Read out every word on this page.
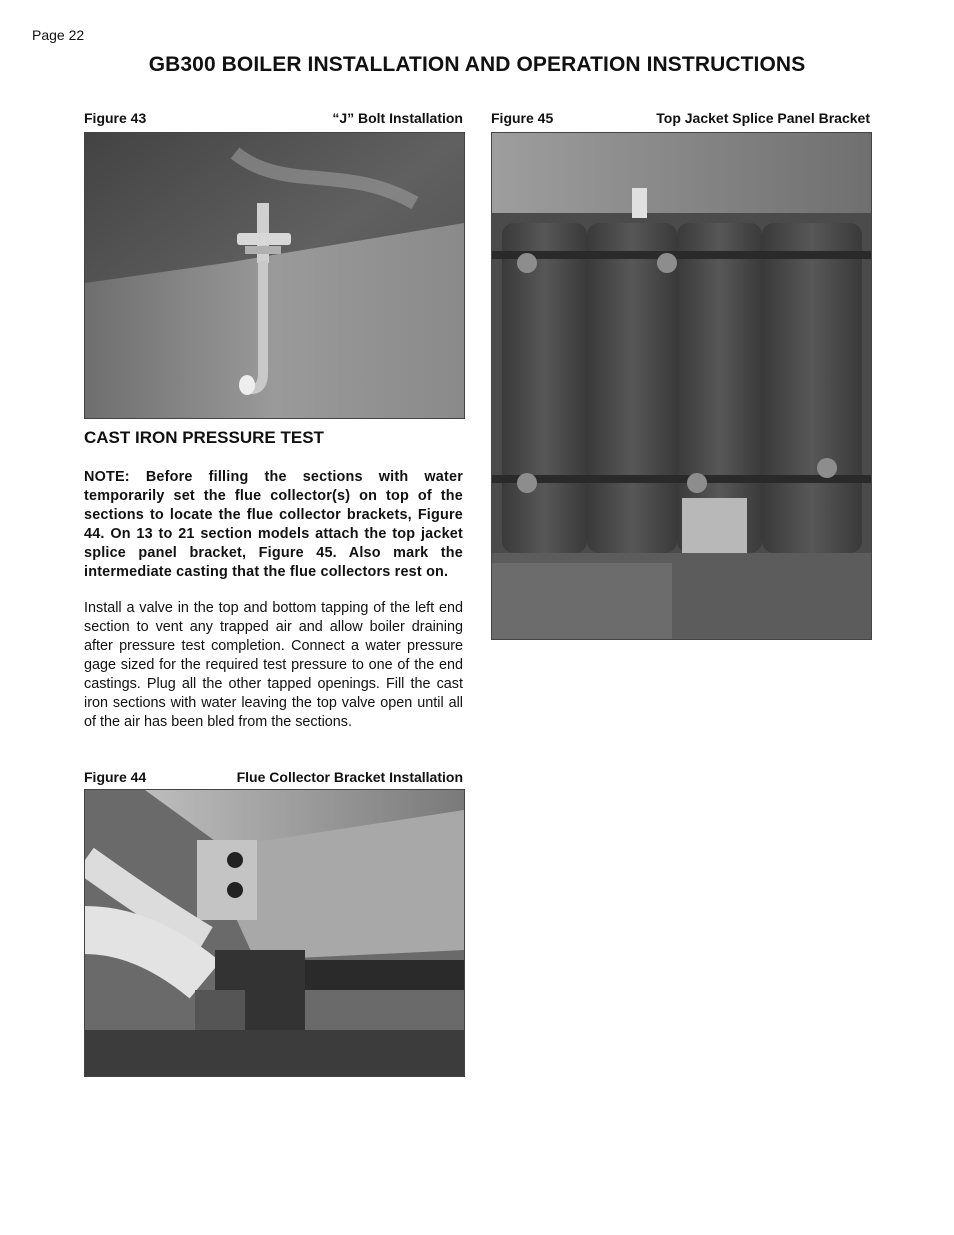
Page 22
GB300 BOILER INSTALLATION AND OPERATION INSTRUCTIONS
Figure 43	“J” Bolt Installation
CAST IRON PRESSURE TEST

NOTE: Before filling the sections with water temporarily set the flue collector(s) on top of the sections to locate the flue collector brackets, Figure 44. On 13 to 21 section models attach the top jacket splice panel bracket, Figure 45. Also mark the intermediate casting that the flue collectors rest on.

Install a valve in the top and bottom tapping of the left end section to vent any trapped air and allow boiler draining after pressure test completion. Connect a water pressure gage sized for the required test pressure to one of the end castings. Plug all the other tapped openings. Fill the cast iron sections with water leaving the top valve open until all of the air has been bled from the sections.

Figure 44	Flue Collector Bracket Installation
Figure 45	Top Jacket Splice Panel Bracket
